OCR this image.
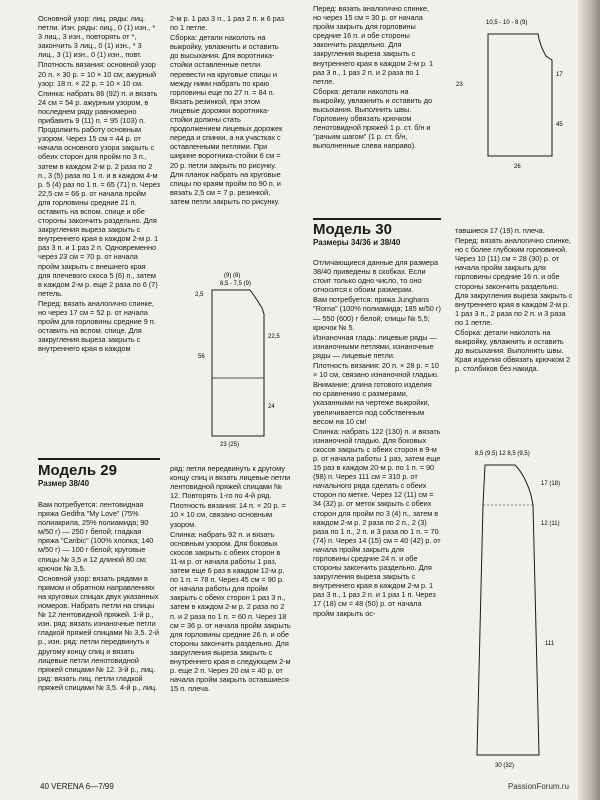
Основной узор: лиц. ряды: лиц. петли. Изн. ряды: лиц., 0 (1) изн., * 3 лиц., 3 изн., повторять от *, закончить 3 лиц., 0 (1) изн., * 3 лиц., 3 (1) изн., 0 (1) изн., повт.

Плотность вязания: основной узор 20 п. × 30 р. = 10 × 10 см; ажурный узор: 18 п. × 22 р. = 10 × 10 см.

Спинка: набрать 86 (92) п. и вязать 24 см = 54 р. ажурным узором, в последнем ряду равномерно прибавить 9 (11) п. = 95 (103) п. Продолжить работу основным узором. Через 15 см = 44 р. от начала основного узора закрыть с обеих сторон для пройм по 3 п., затем в каждом 2-м р. 2 раза по 2 п., 3 (5) раза по 1 п. и в каждом 4-м р. 5 (4) раз по 1 п. = 65 (71) п. Через 22,5 см = 66 р. от начала пройм для горловины средние 21 п. оставить на вспом. спице и обе стороны закончить раздельно. Для закругления выреза закрыть с внутреннего края в каждом 2-м р. 1 раз 3 п. и 1 раз 2 п. Одновременно через 23 см = 70 р. от начала пройм закрыть с внешнего края для плечевого скоса 5 (6) п., затем в каждом 2-м р. еще 2 раза по 6 (7) петель.

Перед: вязать аналогично спинке, но через 17 см = 52 р. от начала пройм для горловины средние 9 п. оставить на вспом. спице. Для закругления выреза закрыть с внутреннего края в каждом

2-м р. 1 раз 3 п., 1 раз 2 п. и 6 раз по 1 петле.

Сборка: детали наколоть на выкройку, увлажнить и оставить до высыхания. Для воротника-стойки оставленные петли перевести на круговые спицы и между ними набрать по краю горловины еще по 27 п. = 84 п. Вязать резинкой, при этом лицевые дорожки воротника-стойки должны стать продолжением лицевых дорожек переда и спинки, а на участках с оставленными петлями. При ширине воротника-стойки 6 см = 20 р. петли закрыть по рисунку. Для планок набрать на круговые спицы по краям пройм по 90 п. и вязать 2,5 см = 7 р. резинкой, затем петли закрыть по рисунку.

(9) (8)
8,5 - 7,5 (9)
2,5
56
22,5
24
23 (25)

Перед: вязать аналогично спинке, но через 15 см = 30 р. от начала пройм закрыть для горловины средние 16 п. и обе стороны закончить раздельно. Для закругления выреза закрыть с внутреннего края в каждом 2-м р. 1 раз 3 п., 1 раз 2 п. и 2 раза по 1 петле.

Сборка: детали наколоть на выкройку, увлажнить и оставить до высыхания. Выполнить швы. Горловину обвязать крючком ленотовидной пряжей 1 р. ст. б/н и "рачьим шагом" (1 р. ст. б/н, выполненные слева направо).

10,5 - 10 - 8 (9)
23
17
45
26
Модель 30
Размеры 34/36 и 38/40

Отличающиеся данные для размера 38/40 приведены в скобках. Если стоит только одно число, то оно относится к обоим размерам.

Вам потребуется: пряжа Junghans "Roma" (100% полиамида; 185 м/50 г) — 550 (600) г белой; спицы № 5,5; крючок № 5.

Изнаночная гладь: лицевые ряды — изнаночными петлями, изнаночные ряды — лицевые петли.

Плотность вязания: 20 п. × 28 р. = 10 × 10 см, связано изнаночной гладью.

Внимание: длина готового изделия по сравнению с размерами, указанными на чертеже выкройки, увеличивается под собственным весом на 10 см!

Спинка: набрать 122 (130) п. и вязать изнаночной гладью. Для боковых скосов закрыть с обеих сторон в 9-м р. от начала работы 1 раз, затем еще 15 раз в каждом 20-м р. по 1 п. = 90 (98) п. Через 111 см = 310 р. от начального ряда сделать с обеих сторон по метке. Через 12 (11) см = 34 (32) р. от меток закрыть с обеих сторон для пройм по 3 (4) п., затем в каждом 2-м р. 2 раза по 2 п., 2 (3) раза по 1 п., 2 п. и 3 раза по 1 п. = 70 (74) п. Через 14 (15) см = 40 (42) р. от начала пройм закрыть для горловины средние 24 п. и обе стороны закончить раздельно. Для закругления выреза закрыть с внутреннего края в каждом 2-м р. 1 раз 3 п., 1 раз 2 п. и 1 раз 1 п. Через 17 (18) см = 48 (50) р. от начала пройм закрыть ос-

тавшиеся 17 (19) п. плеча.

Перед: вязать аналогично спинке, но с более глубоким горловиной. Через 10 (11) см = 28 (30) р. от начала пройм закрыть для горловины средние 16 п. и обе стороны закончить раздельно. Для закругления выреза закрыть с внутреннего края в каждом 2-м р. 1 раз 3 п., 2 раза по 2 п. и 3 раза по 1 петле.

Сборка: детали наколоть на выкройку, увлажнить и оставить до высыхания. Выполнить швы. Края изделия обвязать крючком 2 р. столбиков без накида.

8,5 (9,5) 12 8,5 (9,5)
17 (18)
12 (11)
111
30 (32)
Модель 29
Размер 38/40

Вам потребуется: лентовидная пряжа Gedifra "My Love" (75% полиакрила, 25% полиамида; 90 м/50 г) — 250 г белой; гладкая пряжа "Caribic" (100% хлопка; 140 м/50 г) — 100 г белой; круговые спицы № 3,5 и 12 длиной 80 см; крючок № 3,5.

Основной узор: вязать рядами в прямом и обратном направлениях на круговых спицах двух указанных номеров. Набрать петли на спицы № 12 лентовидной пряжей. 1-й р., изн. ряд: вязать изнаночные петли гладкой пряжей спицами № 3,5. 2-й р., изн. ряд: петли передвинуть к другому концу спиц и вязать лицевые петли ленотовидной пряжей спицами № 12. 3-й р., лиц. ряд: вязать лиц. петли гладкой пряжей спицами № 3,5. 4-й р., лиц.

ряд: петли передвинуть к другому концу спиц и вязать лицевые петли лентовидной пряжей спицами № 12. Повторять 1-го по 4-й ряд.

Плотность вязания: 14 п. × 20 р. = 10 × 10 см, связано основным узором.

Спинка: набрать 92 п. и вязать основным узором. Для боковых скосов закрыть с обеих сторон в 11-м р. от начала работы 1 раз, затем еще 6 раз в каждом 12-м р. по 1 п. = 78 п. Через 45 см = 90 р. от начала работы для пройм закрыть с обеих сторон 1 раз 3 п., затем в каждом 2-м р. 2 раза по 2 п. и 2 раза по 1 п. = 60 п. Через 18 см = 36 р. от начала пройм закрыть для горловины средние 26 п. и обе стороны закончить раздельно. Для закругления выреза закрыть с внутреннего края в следующем 2-м р. еще 2 п. Через 20 см = 40 р. от начала пройм закрыть оставшиеся 15 п. плеча.

40 VERENA 6—7/99	PassionForum.ru
